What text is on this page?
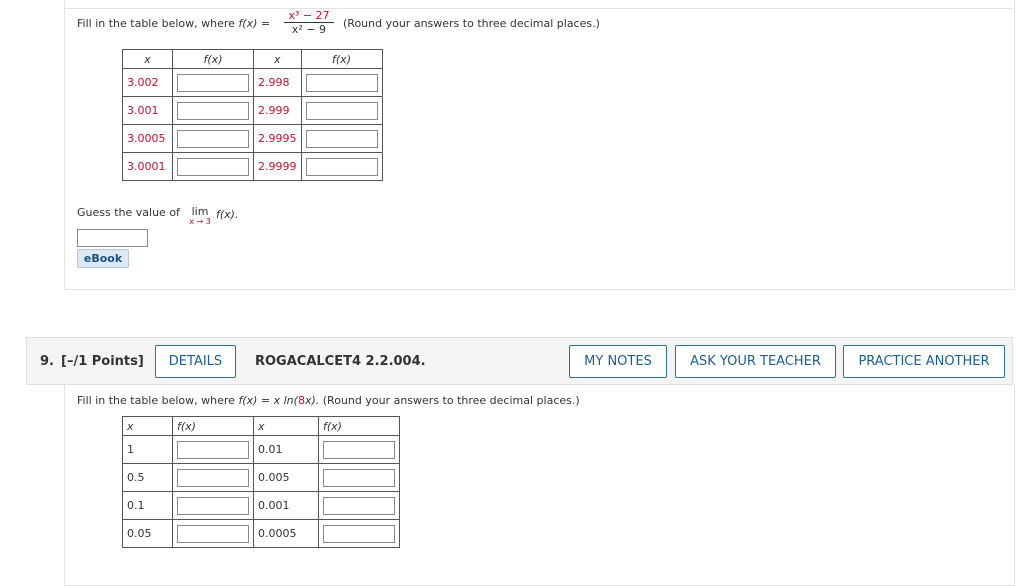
Fill in the table below, where $f(x) = \frac{\text{x³ − 27}}{\text{x² − 9}}$ (Round your answers to three decimal places.)
x	f(x)	x	f(x)
3.002		2.998	

3.001		2.999	

3.0005		2.9995	

3.0001		2.9999	
Guess the value of	lim
x → 3
f(x).
eBook
9. [–/1 Points]	DETAILS	ROGACALCET4 2.2.004.	MY NOTES	ASK YOUR TEACHER	PRACTICE ANOTHER
Fill in the table below, where f(x) = x ln(8x). (Round your answers to three decimal places.)
x	f(x)	x	f(x)
1		0.01	

0.5		0.005	

0.1		0.001	

0.05		0.0005	
